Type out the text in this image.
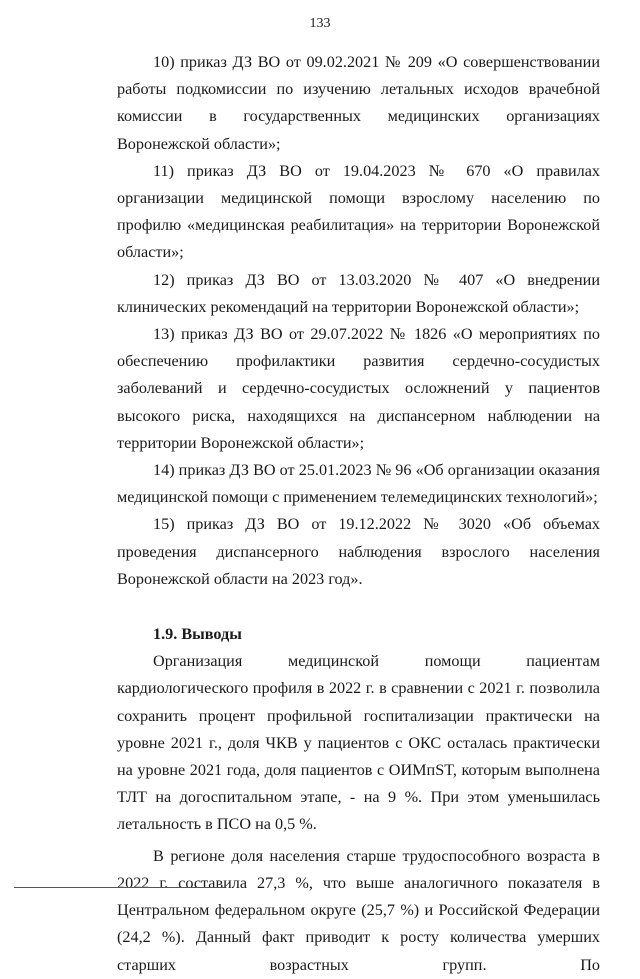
133

10) приказ ДЗ ВО от 09.02.2021 № 209 «О совершенствовании работы подкомиссии по изучению летальных исходов врачебной комиссии в государственных медицинских организациях Воронежской области»;

11) приказ ДЗ ВО от 19.04.2023 № 670 «О правилах организации медицинской помощи взрослому населению по профилю «медицинская реабилитация» на территории Воронежской области»;

12) приказ ДЗ ВО от 13.03.2020 № 407 «О внедрении клинических рекомендаций на территории Воронежской области»;

13) приказ ДЗ ВО от 29.07.2022 № 1826 «О мероприятиях по обеспечению профилактики развития сердечно-сосудистых заболеваний и сердечно-сосудистых осложнений у пациентов высокого риска, находящихся на диспансерном наблюдении на территории Воронежской области»;

14) приказ ДЗ ВО от 25.01.2023 № 96 «Об организации оказания медицинской помощи с применением телемедицинских технологий»;

15) приказ ДЗ ВО от 19.12.2022 № 3020 «Об объемах проведения диспансерного наблюдения взрослого населения Воронежской области на 2023 год».

1.9. Выводы

Организация медицинской помощи пациентам кардиологического профиля в 2022 г. в сравнении с 2021 г. позволила сохранить процент профильной госпитализации практически на уровне 2021 г., доля ЧКВ у пациентов с ОКС осталась практически на уровне 2021 года, доля пациентов с ОИМпST, которым выполнена ТЛТ на догоспитальном этапе, - на 9 %. При этом уменьшилась летальность в ПСО на 0,5 %.

В регионе доля населения старше трудоспособного возраста в 2022 г. составила 27,3 %, что выше аналогичного показателя в Центральном федеральном округе (25,7 %) и Российской Федерации (24,2 %). Данный факт приводит к росту количества умерших старших возрастных групп. По
